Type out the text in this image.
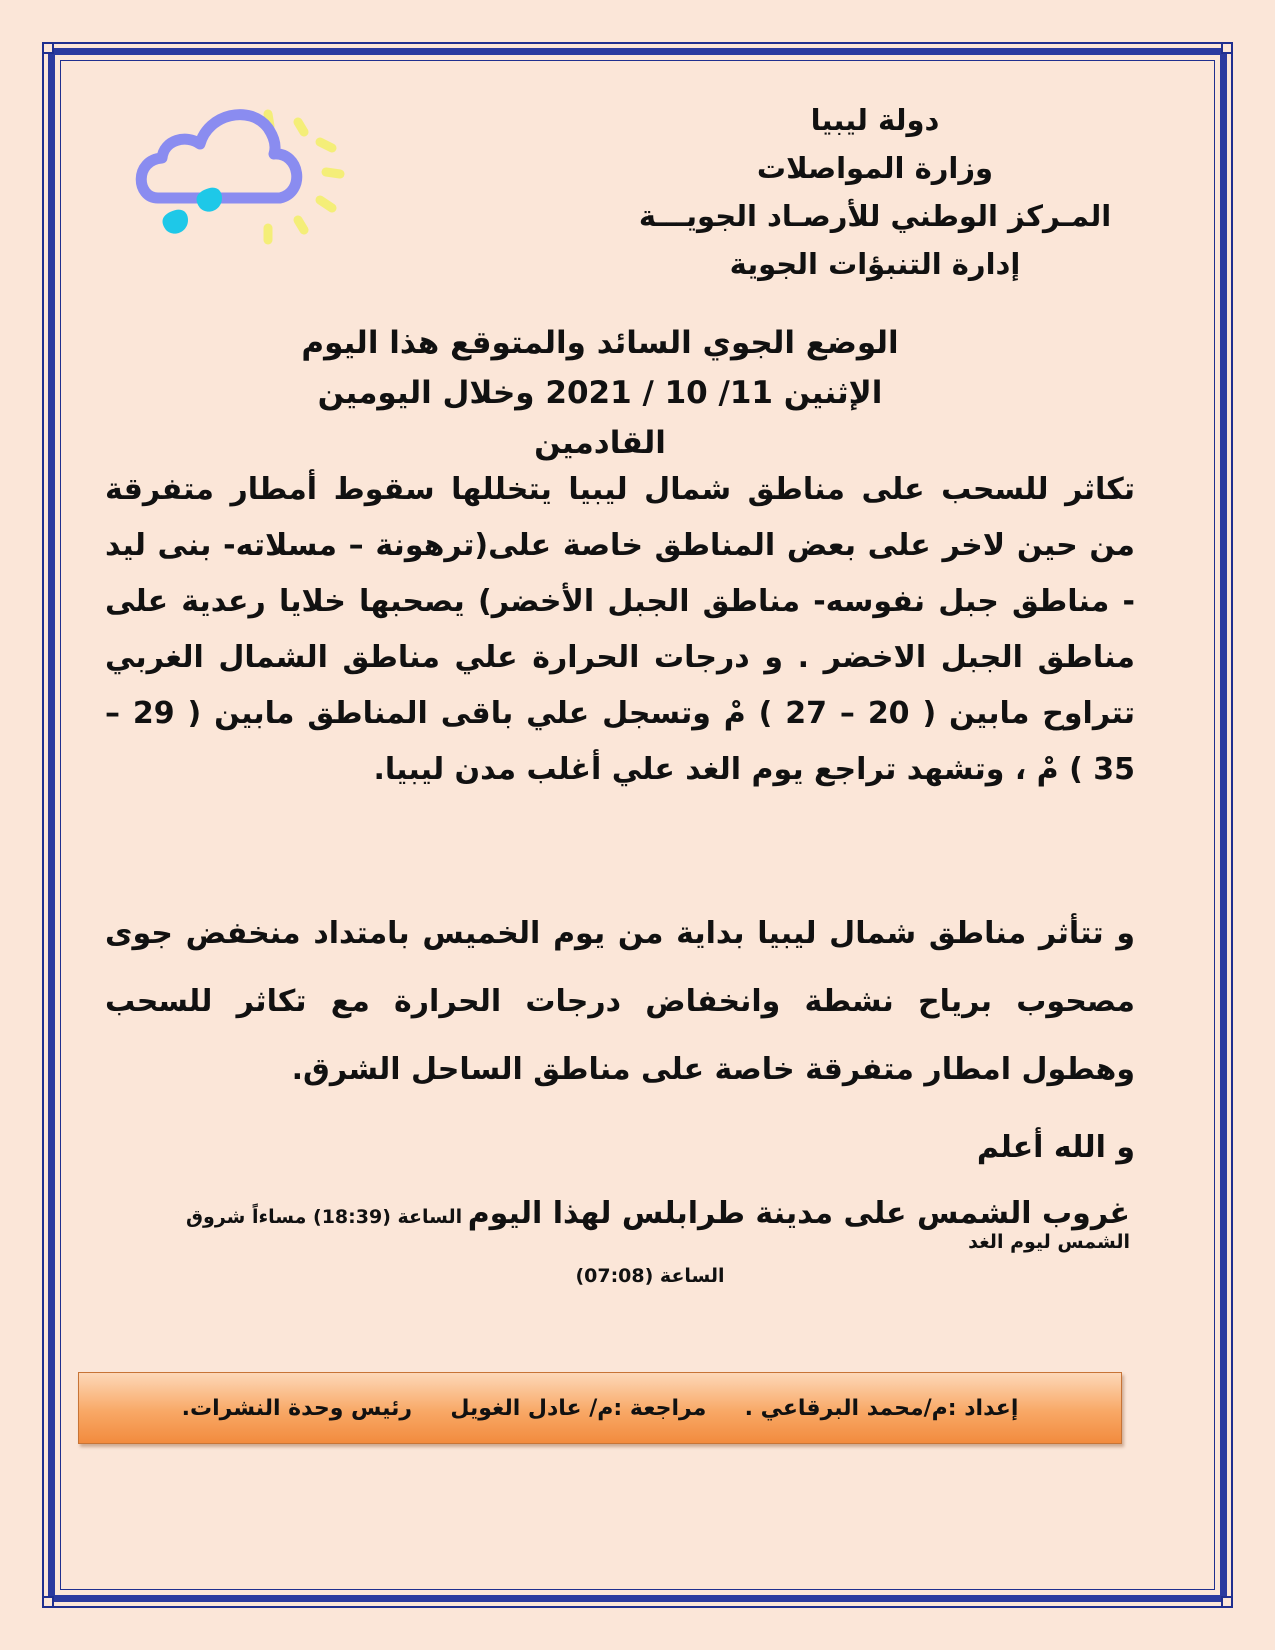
دولة ليبيا
وزارة المواصلات
المـركز الوطني للأرصـاد الجويـــة
إدارة التنبؤات الجوية
الوضع الجوي السائد والمتوقع هذا اليوم
الإثنين 11/ 10 / 2021 وخلال اليومين القادمين
تكاثر للسحب على مناطق شمال ليبيا يتخللها سقوط أمطار متفرقة من حين لاخر على بعض المناطق خاصة على(ترهونة – مسلاته- بنى ليد - مناطق جبل نفوسه- مناطق الجبل الأخضر) يصحبها خلايا رعدية على مناطق الجبل الاخضر . و درجات الحرارة علي مناطق الشمال الغربي تتراوح مابين ( 20 – 27 ) مْ وتسجل علي باقى المناطق مابين ( 29 – 35 ) مْ ، وتشهد تراجع يوم الغد علي أغلب مدن ليبيا.
و تتأثر مناطق شمال ليبيا بداية من يوم الخميس بامتداد منخفض جوى مصحوب برياح نشطة وانخفاض درجات الحرارة مع تكاثر للسحب وهطول امطار متفرقة خاصة على مناطق الساحل الشرق.
و الله أعلم
غروب الشمس على مدينة طرابلس لهذا اليوم الساعة (18:39) مساءاً شروق الشمس ليوم الغد
الساعة (07:08)
إعداد :م/محمد البرقاعي .     مراجعة :م/ عادل الغويل     رئيس وحدة النشرات.
